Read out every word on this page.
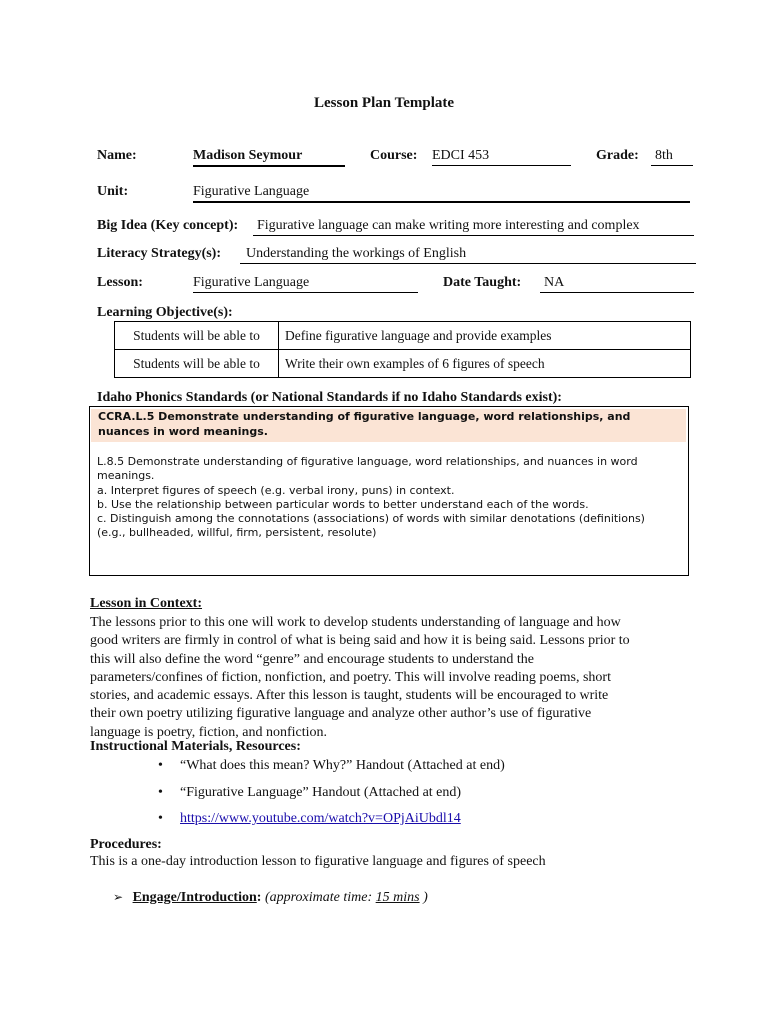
Lesson Plan Template
Name:	Madison Seymour	Course: EDCI 453	Grade: 8th
Unit:	Figurative Language
Big Idea (Key concept): Figurative language can make writing more interesting and complex
Literacy Strategy(s):	Understanding the workings of English
Lesson:	Figurative Language	Date Taught: NA
Learning Objective(s):
Students will be able to	Define figurative language and provide examples
Students will be able to	Write their own examples of 6 figures of speech
Idaho Phonics Standards (or National Standards if no Idaho Standards exist):
CCRA.L.5 Demonstrate understanding of figurative language, word relationships, and
nuances in word meanings.
L.8.5 Demonstrate understanding of figurative language, word relationships, and nuances in word
meanings.
a. Interpret figures of speech (e.g. verbal irony, puns) in context.
b. Use the relationship between particular words to better understand each of the words.
c. Distinguish among the connotations (associations) of words with similar denotations (definitions)
(e.g., bullheaded, willful, firm, persistent, resolute)
Lesson in Context:
The lessons prior to this one will work to develop students understanding of language and how
good writers are firmly in control of what is being said and how it is being said. Lessons prior to
this will also define the word “genre” and encourage students to understand the
parameters/confines of fiction, nonfiction, and poetry. This will involve reading poems, short
stories, and academic essays. After this lesson is taught, students will be encouraged to write
their own poetry utilizing figurative language and analyze other author’s use of figurative
language is poetry, fiction, and nonfiction.
Instructional Materials, Resources:
• “What does this mean? Why?” Handout (Attached at end)
• “Figurative Language” Handout (Attached at end)
• https://www.youtube.com/watch?v=OPjAiUbdl14
Procedures:
This is a one-day introduction lesson to figurative language and figures of speech
➢ Engage/Introduction: (approximate time: 15 mins )
